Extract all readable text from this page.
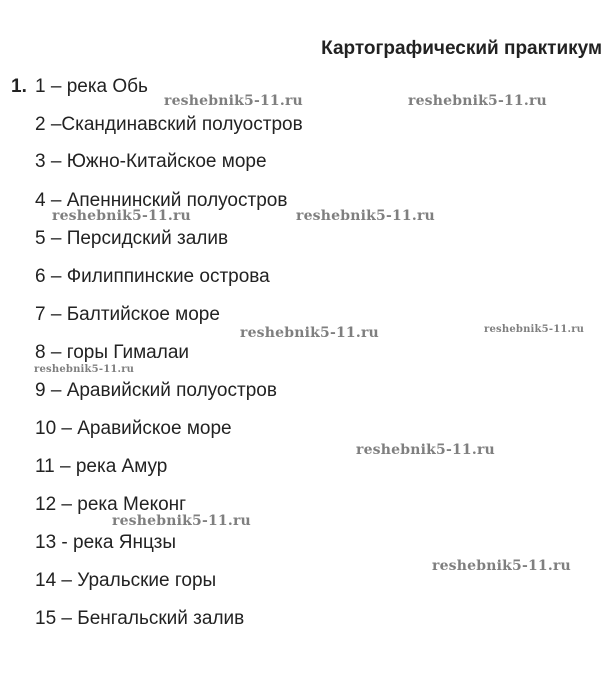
Картографический практикум
1. 1 – река Обь
2 –Скандинавский полуостров
3 – Южно-Китайское море
4 – Апеннинский полуостров
5 – Персидский залив
6 – Филиппинские острова
7 – Балтийское море
8 – горы Гималаи
9 – Аравийский полуостров
10 – Аравийское море
11 – река Амур
12 – река Меконг
13 - река Янцзы
14 – Уральские горы
15 – Бенгальский залив
reshebnik5-11.ru	reshebnik5-11.ru
reshebnik5-11.ru	reshebnik5-11.ru
reshebnik5-11.ru	reshebnik5-11.ru
reshebnik5-11.ru
reshebnik5-11.ru
reshebnik5-11.ru
reshebnik5-11.ru
